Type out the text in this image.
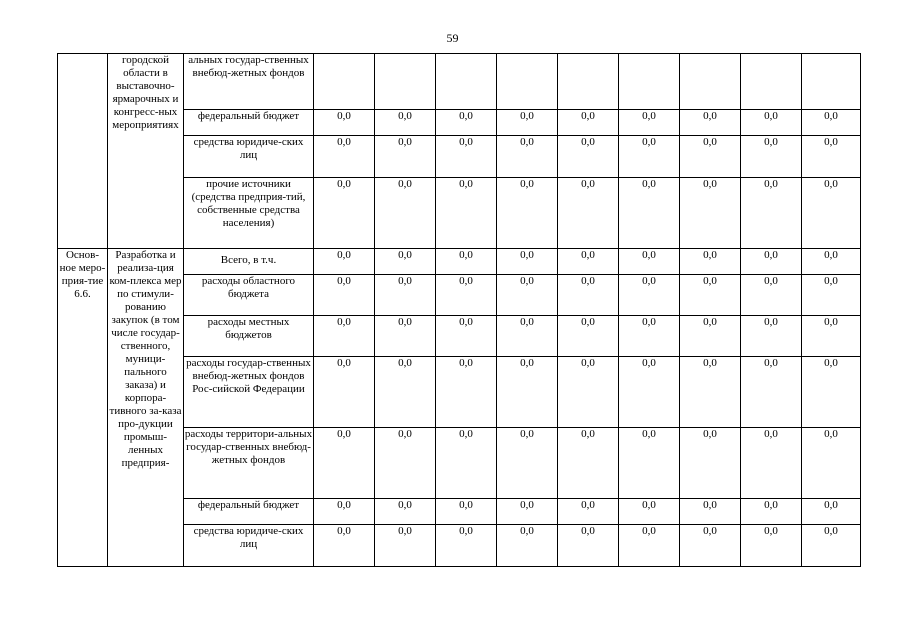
59
	городской области в выставочно-ярмарочных и конгресс-ных мероприятиях	альных государ-ственных внебюд-жетных фондов									
		федеральный бюджет	0,0	0,0	0,0	0,0	0,0	0,0	0,0	0,0	0,0
		средства юридиче-ских лиц	0,0	0,0	0,0	0,0	0,0	0,0	0,0	0,0	0,0
		прочие источники (средства предприя-тий, собственные средства населения)	0,0	0,0	0,0	0,0	0,0	0,0	0,0	0,0	0,0
Основ-ное меро-прия-тие 6.6.	Разработка и реализа-ция ком-плекса мер по стимули-рованию закупок (в том числе государ-ственного, муници-пального заказа) и корпора-тивного за-каза про-дукции промыш-ленных предприя-	Всего, в т.ч.	0,0	0,0	0,0	0,0	0,0	0,0	0,0	0,0	0,0
		расходы областного бюджета	0,0	0,0	0,0	0,0	0,0	0,0	0,0	0,0	0,0
		расходы местных бюджетов	0,0	0,0	0,0	0,0	0,0	0,0	0,0	0,0	0,0
		расходы государ-ственных внебюд-жетных фондов Рос-сийской Федерации	0,0	0,0	0,0	0,0	0,0	0,0	0,0	0,0	0,0
		расходы территори-альных государ-ственных внебюд-жетных фондов	0,0	0,0	0,0	0,0	0,0	0,0	0,0	0,0	0,0
		федеральный бюджет	0,0	0,0	0,0	0,0	0,0	0,0	0,0	0,0	0,0
		средства юридиче-ских лиц	0,0	0,0	0,0	0,0	0,0	0,0	0,0	0,0	0,0
